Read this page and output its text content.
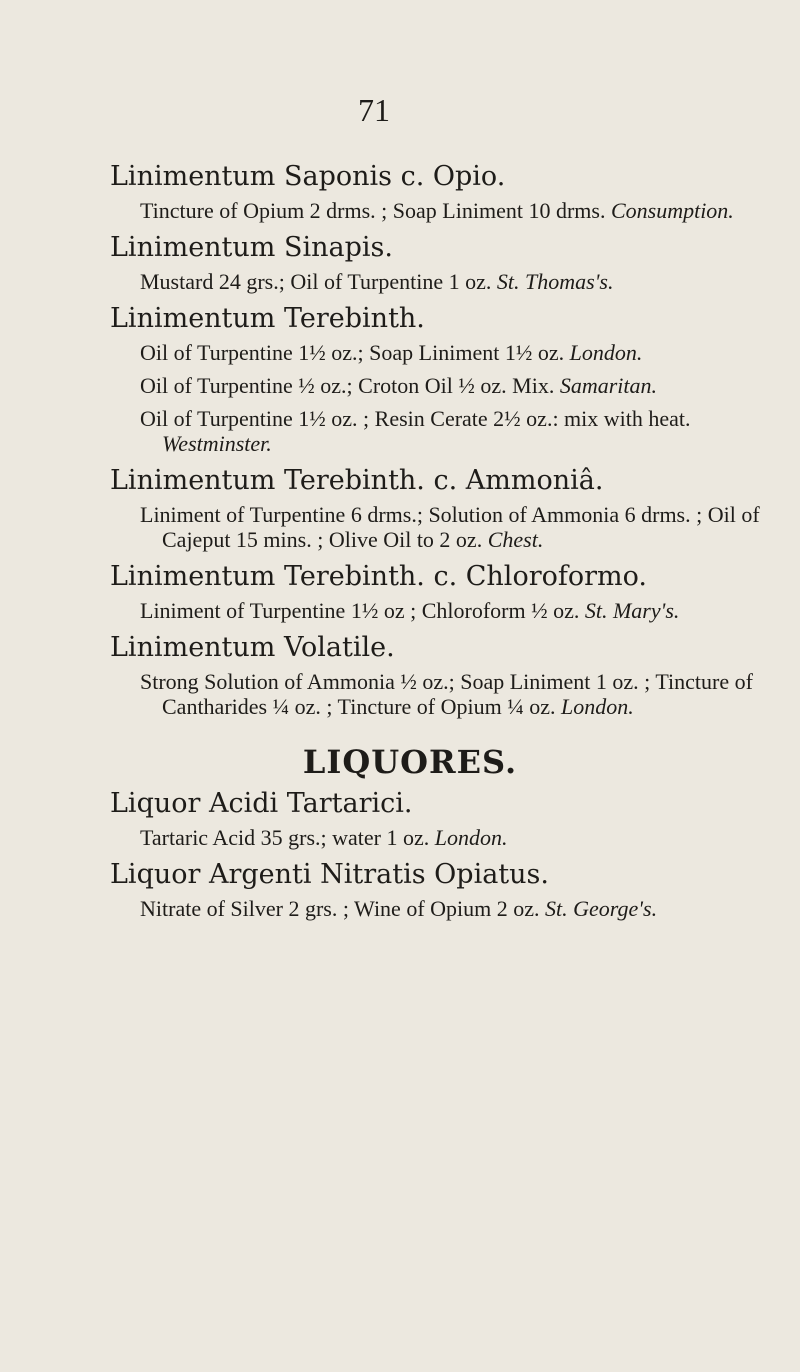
71

Linimentum Saponis c. Opio.

Tincture of Opium 2 drms. ; Soap Liniment 10 drms. Consumption.

Linimentum Sinapis.

Mustard 24 grs.; Oil of Turpentine 1 oz. St. Thomas's.

Linimentum Terebinth.

Oil of Turpentine 1½ oz.; Soap Liniment 1½ oz. London.

Oil of Turpentine ½ oz.; Croton Oil ½ oz. Mix. Samaritan.

Oil of Turpentine 1½ oz. ; Resin Cerate 2½ oz.: mix with heat. Westminster.

Linimentum Terebinth. c. Ammoniâ.

Liniment of Turpentine 6 drms.; Solution of Ammonia 6 drms. ; Oil of Cajeput 15 mins. ; Olive Oil to 2 oz. Chest.

Linimentum Terebinth. c. Chloroformo.

Liniment of Turpentine 1½ oz ; Chloroform ½ oz. St. Mary's.

Linimentum Volatile.

Strong Solution of Ammonia ½ oz.; Soap Liniment 1 oz. ; Tincture of Cantharides ¼ oz. ; Tincture of Opium ¼ oz. London.

LIQUORES.

Liquor Acidi Tartarici.

Tartaric Acid 35 grs.; water 1 oz. London.

Liquor Argenti Nitratis Opiatus.

Nitrate of Silver 2 grs. ; Wine of Opium 2 oz. St. George's.
